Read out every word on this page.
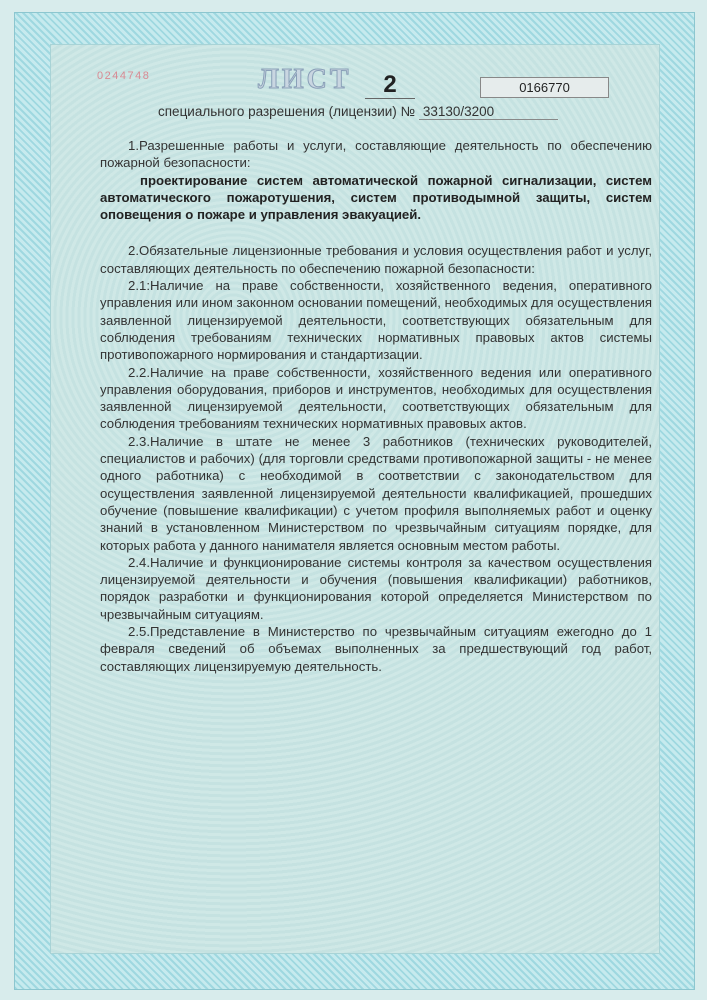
0244748	ЛИСТ	2	0166770
специального разрешения (лицензии) № 33130/3200

1.Разрешенные работы и услуги, составляющие деятельность по обеспечению пожарной безопасности:

проектирование систем автоматической пожарной сигнализации, систем автоматического пожаротушения, систем противодымной защиты, систем оповещения о пожаре и управления эвакуацией.

2.Обязательные лицензионные требования и условия осуществления работ и услуг, составляющих деятельность по обеспечению пожарной безопасности:

2.1:Наличие на праве собственности, хозяйственного ведения, оперативного управления или ином законном основании помещений, необходимых для осуществления заявленной лицензируемой деятельности, соответствующих обязательным для соблюдения требованиям технических нормативных правовых актов системы противопожарного нормирования и стандартизации.

2.2.Наличие на праве собственности, хозяйственного ведения или оперативного управления оборудования, приборов и инструментов, необходимых для осуществления заявленной лицензируемой деятельности, соответствующих обязательным для соблюдения требованиям технических нормативных правовых актов.

2.3.Наличие в штате не менее 3 работников (технических руководителей, специалистов и рабочих) (для торговли средствами противопожарной защиты - не менее одного работника) с необходимой в соответствии с законодательством для осуществления заявленной лицензируемой деятельности квалификацией, прошедших обучение (повышение квалификации) с учетом профиля выполняемых работ и оценку знаний в установленном Министерством по чрезвычайным ситуациям порядке, для которых работа у данного нанимателя является основным местом работы.

2.4.Наличие и функционирование системы контроля за качеством осуществления лицензируемой деятельности и обучения (повышения квалификации) работников, порядок разработки и функционирования которой определяется Министерством по чрезвычайным ситуациям.

2.5.Представление в Министерство по чрезвычайным ситуациям ежегодно до 1 февраля сведений об объемах выполненных за предшествующий год работ, составляющих лицензируемую деятельность.
